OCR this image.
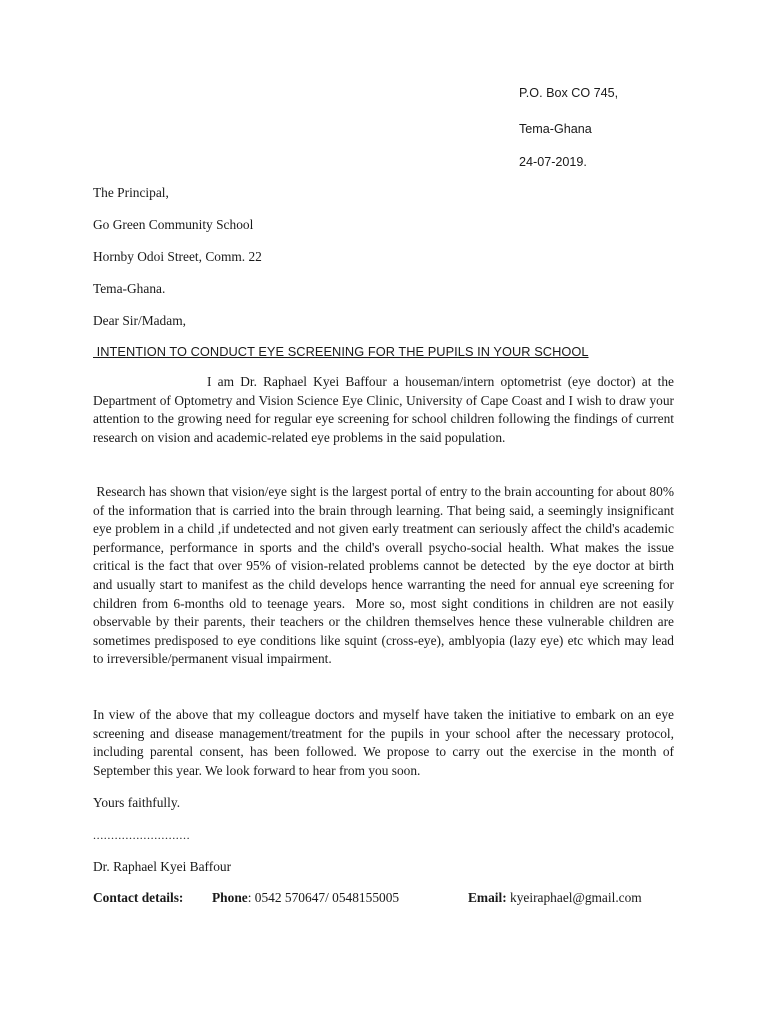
P.O. Box CO 745,
Tema-Ghana
24-07-2019.
The Principal,
Go Green Community School
Hornby Odoi Street, Comm. 22
Tema-Ghana.
Dear Sir/Madam,
INTENTION TO CONDUCT EYE SCREENING FOR THE PUPILS IN YOUR SCHOOL
I am Dr. Raphael Kyei Baffour a houseman/intern optometrist (eye doctor) at the Department of Optometry and Vision Science Eye Clinic, University of Cape Coast and I wish to draw your attention to the growing need for regular eye screening for school children following the findings of current research on vision and academic-related eye problems in the said population.
Research has shown that vision/eye sight is the largest portal of entry to the brain accounting for about 80% of the information that is carried into the brain through learning. That being said, a seemingly insignificant eye problem in a child ,if undetected and not given early treatment can seriously affect the child's academic performance, performance in sports and the child's overall psycho-social health. What makes the issue critical is the fact that over 95% of vision-related problems cannot be detected  by the eye doctor at birth and usually start to manifest as the child develops hence warranting the need for annual eye screening for children from 6-months old to teenage years.  More so, most sight conditions in children are not easily observable by their parents, their teachers or the children themselves hence these vulnerable children are sometimes predisposed to eye conditions like squint (cross-eye), amblyopia (lazy eye) etc which may lead to irreversible/permanent visual impairment.
In view of the above that my colleague doctors and myself have taken the initiative to embark on an eye screening and disease management/treatment for the pupils in your school after the necessary protocol, including parental consent, has been followed. We propose to carry out the exercise in the month of September this year. We look forward to hear from you soon.
Yours faithfully.
...........................
Dr. Raphael Kyei Baffour
Contact details: Phone: 0542 570647/ 0548155005	Email: kyeiraphael@gmail.com
